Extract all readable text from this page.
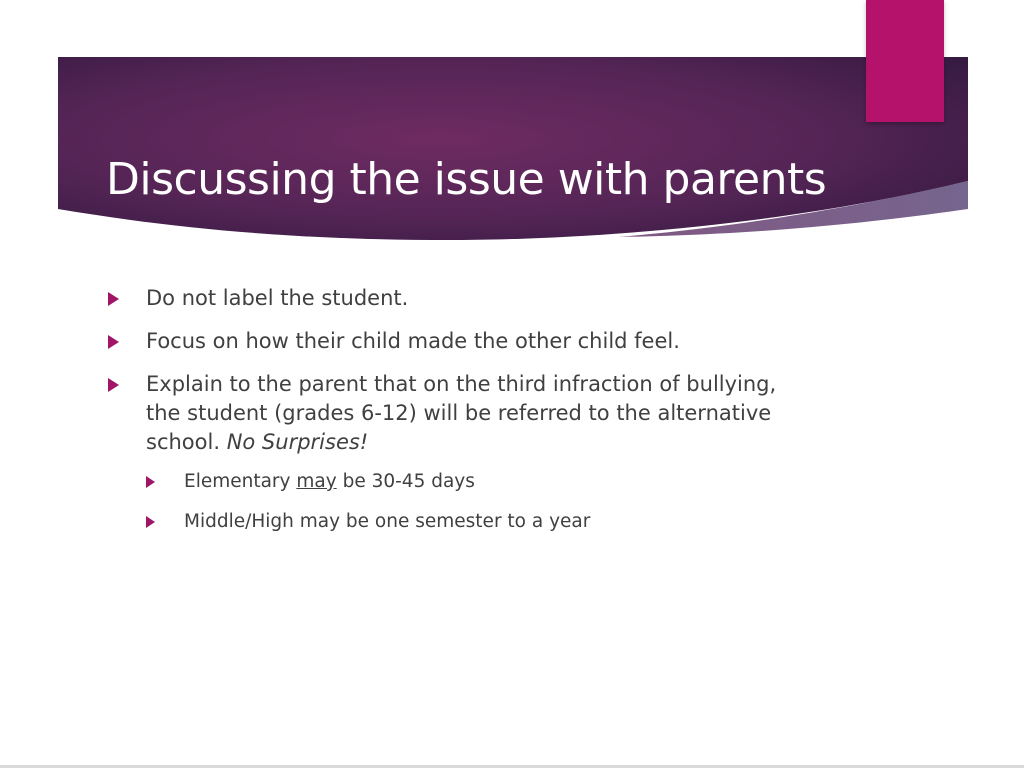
Discussing the issue with parents
Do not label the student.
Focus on how their child made the other child feel.
Explain to the parent that on the third infraction of bullying, the student (grades 6-12) will be referred to the alternative school. No Surprises!
Elementary may be 30-45 days
Middle/High may be one semester to a year
